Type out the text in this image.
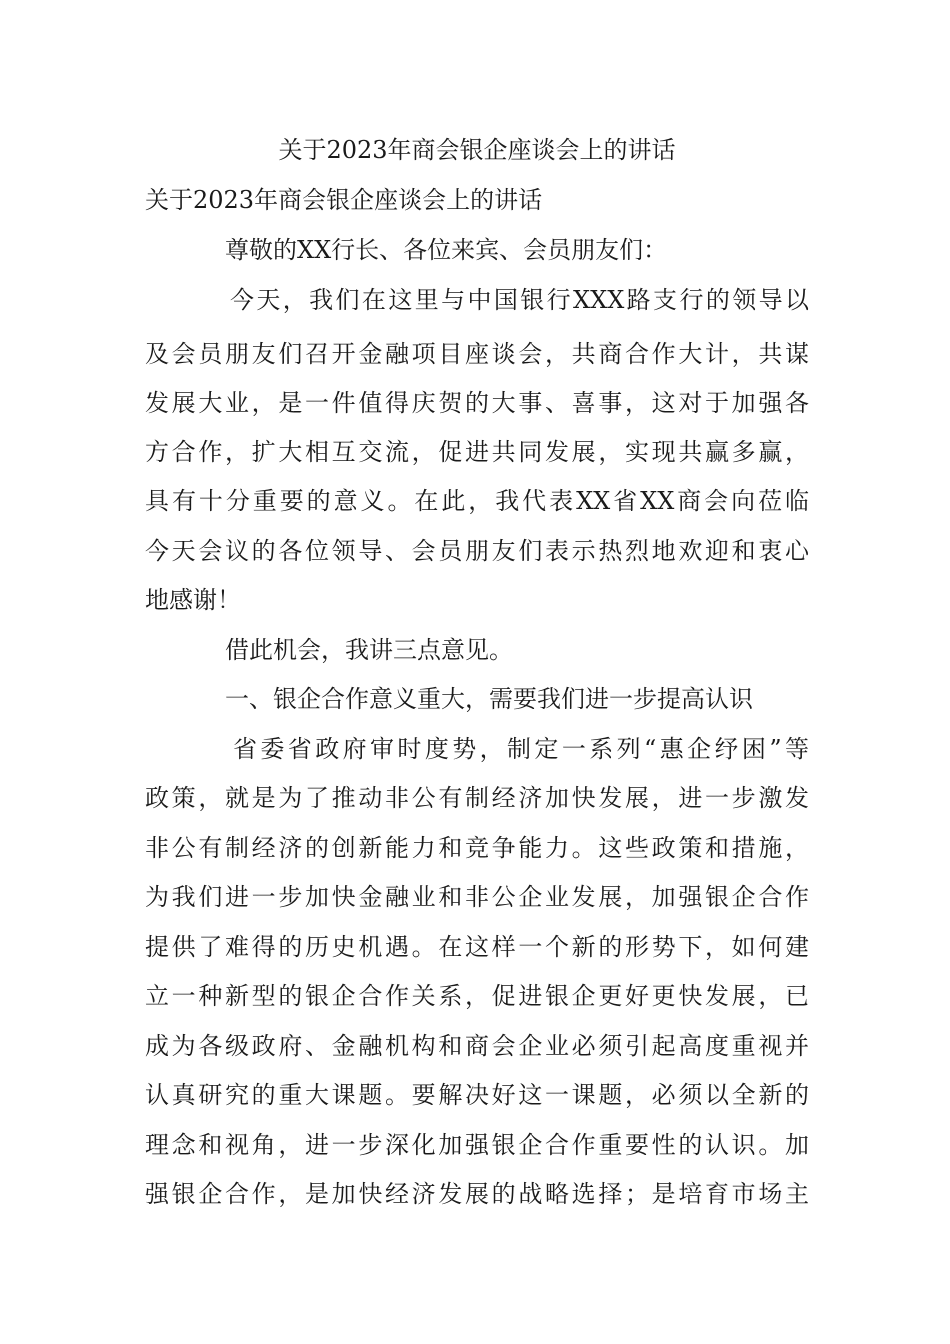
关于2023年商会银企座谈会上的讲话
关于2023年商会银企座谈会上的讲话
尊敬的XX行长、各位来宾、会员朋友们：
今天，我们在这里与中国银行XXX路支行的领导以
及会员朋友们召开金融项目座谈会，共商合作大计，共谋
发展大业，是一件值得庆贺的大事、喜事，这对于加强各
方合作，扩大相互交流，促进共同发展，实现共赢多赢，
具有十分重要的意义。在此，我代表XX省XX商会向莅临
今天会议的各位领导、会员朋友们表示热烈地欢迎和衷心
地感谢！
借此机会，我讲三点意见。
一、银企合作意义重大，需要我们进一步提高认识
省委省政府审时度势，制定一系列“惠企纾困”等
政策，就是为了推动非公有制经济加快发展，进一步激发
非公有制经济的创新能力和竞争能力。这些政策和措施，
为我们进一步加快金融业和非公企业发展，加强银企合作
提供了难得的历史机遇。在这样一个新的形势下，如何建
立一种新型的银企合作关系，促进银企更好更快发展，已
成为各级政府、金融机构和商会企业必须引起高度重视并
认真研究的重大课题。要解决好这一课题，必须以全新的
理念和视角，进一步深化加强银企合作重要性的认识。加
强银企合作，是加快经济发展的战略选择；是培育市场主
